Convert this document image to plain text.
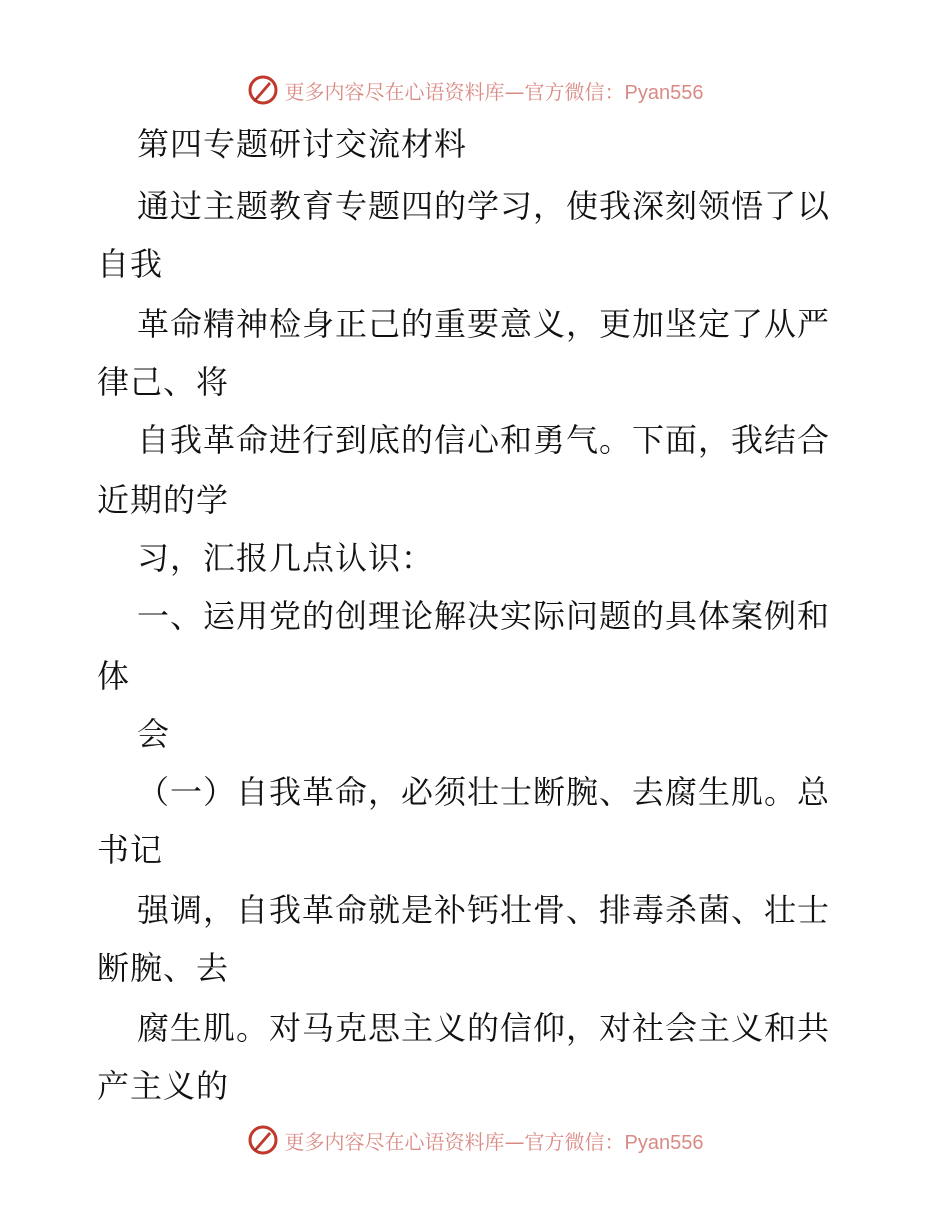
更多内容尽在心语资料库—官方微信：Pyan556
第四专题研讨交流材料
通过主题教育专题四的学习，使我深刻领悟了以
自我
革命精神检身正己的重要意义，更加坚定了从严
律己、将
自我革命进行到底的信心和勇气。下面，我结合
近期的学
习，汇报几点认识：
一、运用党的创理论解决实际问题的具体案例和
体
会
（一）自我革命，必须壮士断腕、去腐生肌。总
书记
强调，自我革命就是补钙壮骨、排毒杀菌、壮士
断腕、去
腐生肌。对马克思主义的信仰，对社会主义和共
产主义的
更多内容尽在心语资料库—官方微信：Pyan556
